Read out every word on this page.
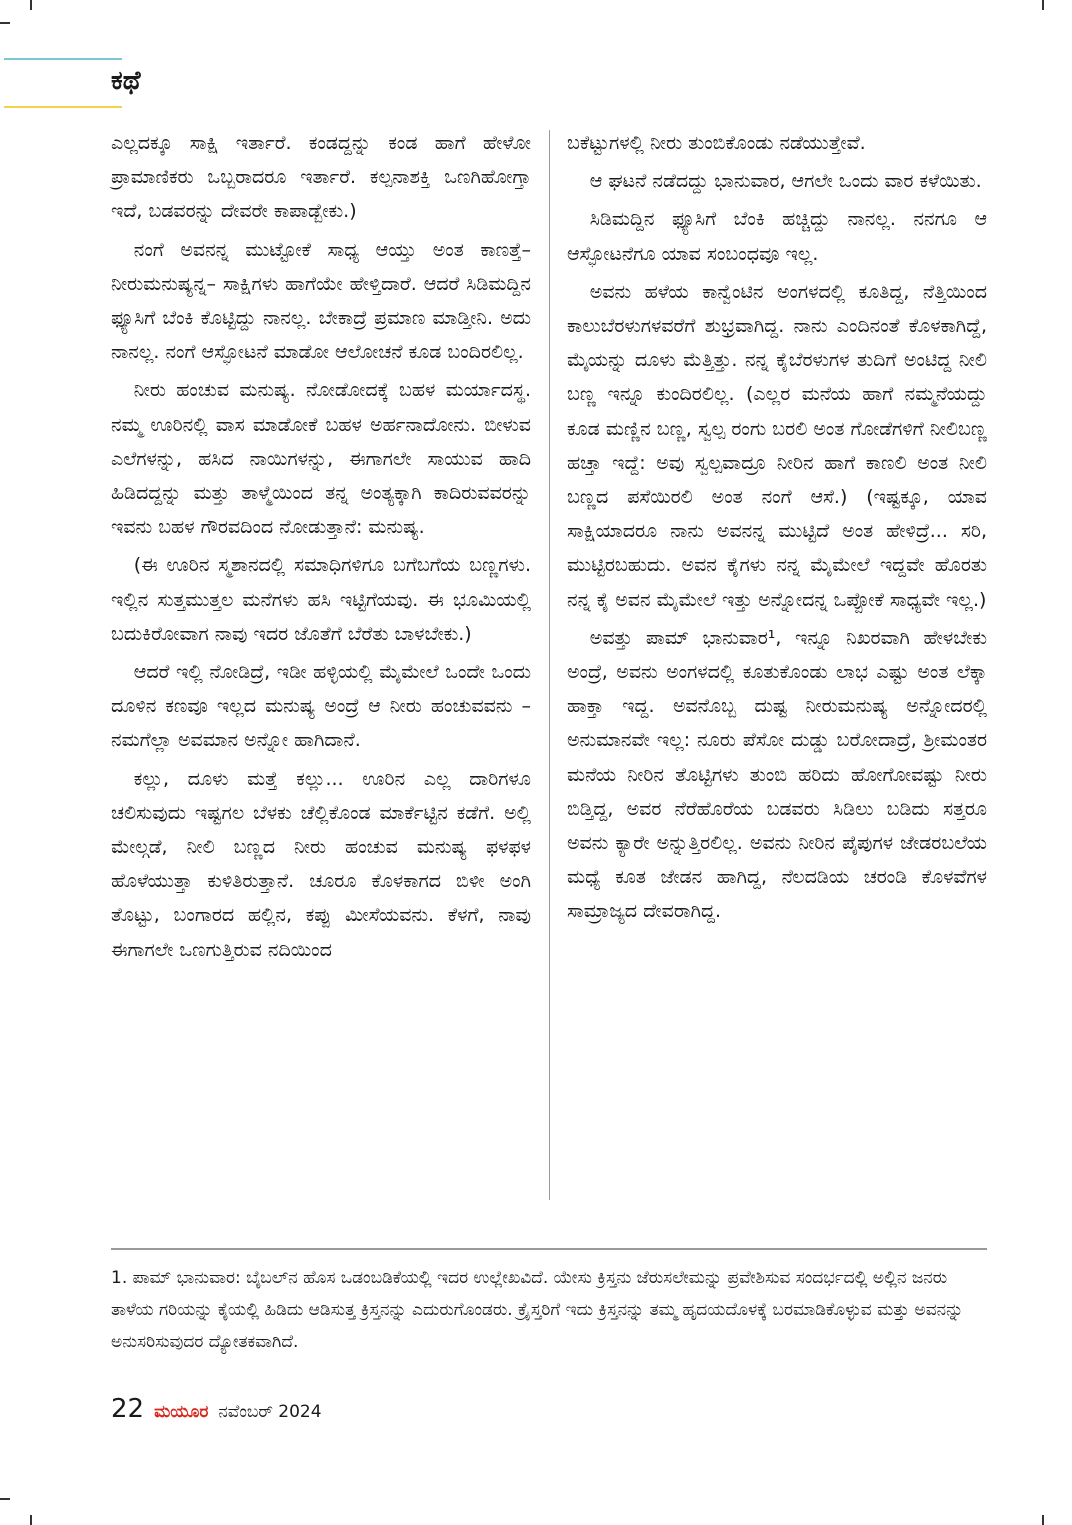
ಕಥೆ

ಎಲ್ಲದಕ್ಕೂ ಸಾಕ್ಷಿ ಇರ್ತಾರೆ. ಕಂಡದ್ದನ್ನು ಕಂಡ ಹಾಗೆ ಹೇಳೋ ಪ್ರಾಮಾಣಿಕರು ಒಬ್ಬರಾದರೂ ಇರ್ತಾರೆ. ಕಲ್ಪನಾಶಕ್ತಿ ಒಣಗಿಹೋಗ್ತಾ ಇದೆ, ಬಡವರನ್ನು ದೇವರೇ ಕಾಪಾಡ್ಬೇಕು.)

ನಂಗೆ ಅವನನ್ನ ಮುಟ್ಟೋಕೆ ಸಾಧ್ಯ ಆಯ್ತು ಅಂತ ಕಾಣತ್ತೆ– ನೀರುಮನುಷ್ಯನ್ನ– ಸಾಕ್ಷಿಗಳು ಹಾಗೆಯೇ ಹೇಳ್ತಿದಾರೆ. ಆದರೆ ಸಿಡಿಮದ್ದಿನ ಫ್ಯೂಸಿಗೆ ಬೆಂಕಿ ಕೊಟ್ಟಿದ್ದು ನಾನಲ್ಲ. ಬೇಕಾದ್ರೆ ಪ್ರಮಾಣ ಮಾಡ್ತೀನಿ. ಅದು ನಾನಲ್ಲ. ನಂಗೆ ಆಸ್ಫೋಟನೆ ಮಾಡೋ ಆಲೋಚನೆ ಕೂಡ ಬಂದಿರಲಿಲ್ಲ.

ನೀರು ಹಂಚುವ ಮನುಷ್ಯ. ನೋಡೋದಕ್ಕೆ ಬಹಳ ಮರ್ಯಾದಸ್ಥ. ನಮ್ಮ ಊರಿನಲ್ಲಿ ವಾಸ ಮಾಡೋಕೆ ಬಹಳ ಅರ್ಹನಾದೋನು. ಬೀಳುವ ಎಲೆಗಳನ್ನು, ಹಸಿದ ನಾಯಿಗಳನ್ನು, ಈಗಾಗಲೇ ಸಾಯುವ ಹಾದಿ ಹಿಡಿದದ್ದನ್ನು ಮತ್ತು ತಾಳ್ಮೆಯಿಂದ ತನ್ನ ಅಂತ್ಯಕ್ಕಾಗಿ ಕಾದಿರುವವರನ್ನು ಇವನು ಬಹಳ ಗೌರವದಿಂದ ನೋಡುತ್ತಾನೆ: ಮನುಷ್ಯ.

(ಈ ಊರಿನ ಸ್ಮಶಾನದಲ್ಲಿ ಸಮಾಧಿಗಳಿಗೂ ಬಗೆಬಗೆಯ ಬಣ್ಣಗಳು. ಇಲ್ಲಿನ ಸುತ್ತಮುತ್ತಲ ಮನೆಗಳು ಹಸಿ ಇಟ್ಟಿಗೆಯವು. ಈ ಭೂಮಿಯಲ್ಲಿ ಬದುಕಿರೋವಾಗ ನಾವು ಇದರ ಜೊತೆಗೆ ಬೆರೆತು ಬಾಳಬೇಕು.)

ಆದರೆ ಇಲ್ಲಿ ನೋಡಿದ್ರೆ, ಇಡೀ ಹಳ್ಳಿಯಲ್ಲಿ ಮೈಮೇಲೆ ಒಂದೇ ಒಂದು ದೂಳಿನ ಕಣವೂ ಇಲ್ಲದ ಮನುಷ್ಯ ಅಂದ್ರೆ ಆ ನೀರು ಹಂಚುವವನು – ನಮಗೆಲ್ಲಾ ಅವಮಾನ ಅನ್ನೋ ಹಾಗಿದಾನೆ.

ಕಲ್ಲು, ದೂಳು ಮತ್ತೆ ಕಲ್ಲು... ಊರಿನ ಎಲ್ಲ ದಾರಿಗಳೂ ಚಲಿಸುವುದು ಇಷ್ಟಗಲ ಬೆಳಕು ಚೆಲ್ಲಿಕೊಂಡ ಮಾರ್ಕೆಟ್ಟಿನ ಕಡೆಗೆ. ಅಲ್ಲಿ ಮೇಲ್ಗಡೆ, ನೀಲಿ ಬಣ್ಣದ ನೀರು ಹಂಚುವ ಮನುಷ್ಯ ಫಳಫಳ ಹೊಳೆಯುತ್ತಾ ಕುಳಿತಿರುತ್ತಾನೆ. ಚೂರೂ ಕೊಳಕಾಗದ ಬಿಳೀ ಅಂಗಿ ತೊಟ್ಟು, ಬಂಗಾರದ ಹಲ್ಲಿನ, ಕಪ್ಪು ಮೀಸೆಯವನು. ಕೆಳಗೆ, ನಾವು ಈಗಾಗಲೇ ಒಣಗುತ್ತಿರುವ ನದಿಯಿಂದ

ಬಕೆಟ್ಟುಗಳಲ್ಲಿ ನೀರು ತುಂಬಿಕೊಂಡು ನಡೆಯುತ್ತೇವೆ.

ಆ ಘಟನೆ ನಡೆದದ್ದು ಭಾನುವಾರ, ಆಗಲೇ ಒಂದು ವಾರ ಕಳೆಯಿತು.

ಸಿಡಿಮದ್ದಿನ ಫ್ಯೂಸಿಗೆ ಬೆಂಕಿ ಹಚ್ಚಿದ್ದು ನಾನಲ್ಲ. ನನಗೂ ಆ ಆಸ್ಫೋಟನೆಗೂ ಯಾವ ಸಂಬಂಧವೂ ಇಲ್ಲ.

ಅವನು ಹಳೆಯ ಕಾನ್ವೆಂಟಿನ ಅಂಗಳದಲ್ಲಿ ಕೂತಿದ್ದ, ನೆತ್ತಿಯಿಂದ ಕಾಲುಬೆರಳುಗಳವರೆಗೆ ಶುಭ್ರವಾಗಿದ್ದ. ನಾನು ಎಂದಿನಂತೆ ಕೊಳಕಾಗಿದ್ದೆ, ಮೈಯನ್ನು ದೂಳು ಮೆತ್ತಿತ್ತು. ನನ್ನ ಕೈಬೆರಳುಗಳ ತುದಿಗೆ ಅಂಟಿದ್ದ ನೀಲಿ ಬಣ್ಣ ಇನ್ನೂ ಕುಂದಿರಲಿಲ್ಲ. (ಎಲ್ಲರ ಮನೆಯ ಹಾಗೆ ನಮ್ಮನೆಯದ್ದು ಕೂಡ ಮಣ್ಣಿನ ಬಣ್ಣ, ಸ್ವಲ್ಪ ರಂಗು ಬರಲಿ ಅಂತ ಗೋಡೆಗಳಿಗೆ ನೀಲಿಬಣ್ಣ ಹಚ್ತಾ ಇದ್ದೆ: ಅವು ಸ್ವಲ್ಪವಾದ್ರೂ ನೀರಿನ ಹಾಗೆ ಕಾಣಲಿ ಅಂತ ನೀಲಿ ಬಣ್ಣದ ಪಸೆಯಿರಲಿ ಅಂತ ನಂಗೆ ಆಸೆ.) (ಇಷ್ಟಕ್ಕೂ, ಯಾವ ಸಾಕ್ಷಿಯಾದರೂ ನಾನು ಅವನನ್ನ ಮುಟ್ಟಿದೆ ಅಂತ ಹೇಳಿದ್ರೆ... ಸರಿ, ಮುಟ್ಟಿರಬಹುದು. ಅವನ ಕೈಗಳು ನನ್ನ ಮೈಮೇಲೆ ಇದ್ದವೇ ಹೊರತು ನನ್ನ ಕೈ ಅವನ ಮೈಮೇಲೆ ಇತ್ತು ಅನ್ನೋದನ್ನ ಒಪ್ಪೋಕೆ ಸಾಧ್ಯವೇ ಇಲ್ಲ.)

ಅವತ್ತು ಪಾಮ್ ಭಾನುವಾರ¹, ಇನ್ನೂ ನಿಖರವಾಗಿ ಹೇಳಬೇಕು ಅಂದ್ರೆ, ಅವನು ಅಂಗಳದಲ್ಲಿ ಕೂತುಕೊಂಡು ಲಾಭ ಎಷ್ಟು ಅಂತ ಲೆಕ್ಕಾ ಹಾಕ್ತಾ ಇದ್ದ. ಅವನೊಬ್ಬ ದುಷ್ಟ ನೀರುಮನುಷ್ಯ ಅನ್ನೋದರಲ್ಲಿ ಅನುಮಾನವೇ ಇಲ್ಲ: ನೂರು ಪೆಸೋ ದುಡ್ಡು ಬರೋದಾದ್ರೆ, ಶ್ರೀಮಂತರ ಮನೆಯ ನೀರಿನ ತೊಟ್ಟಿಗಳು ತುಂಬಿ ಹರಿದು ಹೋಗೋವಷ್ಟು ನೀರು ಬಿಡ್ತಿದ್ದ, ಅವರ ನೆರೆಹೊರೆಯ ಬಡವರು ಸಿಡಿಲು ಬಡಿದು ಸತ್ತರೂ ಅವನು ಕ್ಯಾರೇ ಅನ್ನುತ್ತಿರಲಿಲ್ಲ. ಅವನು ನೀರಿನ ಪೈಪುಗಳ ಜೇಡರಬಲೆಯ ಮಧ್ಯೆ ಕೂತ ಜೇಡನ ಹಾಗಿದ್ದ, ನೆಲದಡಿಯ ಚರಂಡಿ ಕೊಳವೆಗಳ ಸಾಮ್ರಾಜ್ಯದ ದೇವರಾಗಿದ್ದ.

1. ಪಾಮ್ ಭಾನುವಾರ: ಬೈಬಲ್‌ನ ಹೊಸ ಒಡಂಬಡಿಕೆಯಲ್ಲಿ ಇದರ ಉಲ್ಲೇಖವಿದೆ. ಯೇಸು ಕ್ರಿಸ್ತನು ಜೆರುಸಲೇಮನ್ನು ಪ್ರವೇಶಿಸುವ ಸಂದರ್ಭದಲ್ಲಿ ಅಲ್ಲಿನ ಜನರು ತಾಳೆಯ ಗರಿಯನ್ನು ಕೈಯಲ್ಲಿ ಹಿಡಿದು ಆಡಿಸುತ್ತ ಕ್ರಿಸ್ತನನ್ನು ಎದುರುಗೊಂಡರು. ಕ್ರೈಸ್ತರಿಗೆ ಇದು ಕ್ರಿಸ್ತನನ್ನು ತಮ್ಮ ಹೃದಯದೊಳಕ್ಕೆ ಬರಮಾಡಿಕೊಳ್ಳುವ ಮತ್ತು ಅವನನ್ನು ಅನುಸರಿಸುವುದರ ದ್ಯೋತಕವಾಗಿದೆ.

22 ಮಯೂರ ನವೆಂಬರ್ 2024
